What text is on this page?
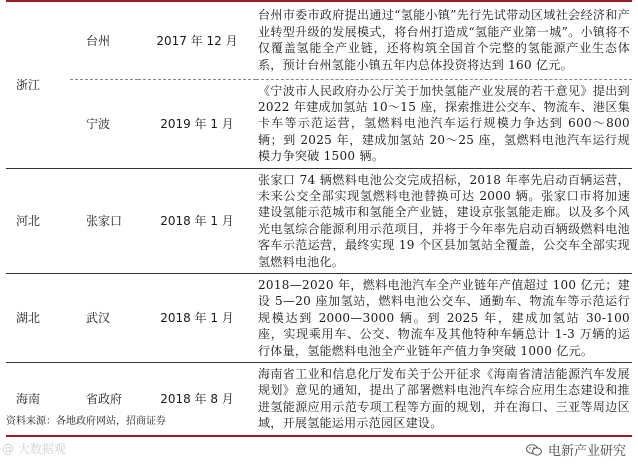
浙江	台州	2017 年 12 月	台州市委市政府提出通过“氢能小镇”先行先试带动区域社会经济和产业转型升级的发展模式，将台州打造成“氢能产业第一城”。小镇将不仅覆盖氢能全产业链，还将构筑全国首个完整的氢能源产业生态体系，预计台州氢能小镇五年内总体投资将达到 160 亿元。
	宁波	2019 年 1 月	《宁波市人民政府办公厅关于加快氢能产业发展的若干意见》提出到 2022 年建成加氢站 10～15 座，探索推进公交车、物流车、港区集卡车等示范运营，氢燃料电池汽车运行规模力争达到 600～800 辆；到 2025 年，建成加氢站 20～25 座，氢燃料电池汽车运行规模力争突破 1500 辆。
河北	张家口	2018 年 1 月	张家口 74 辆燃料电池公交完成招标，2018 年率先启动百辆运营，未来公交全部实现氢燃料电池替换可达 2000 辆。张家口市将加速建设氢能示范城市和氢能全产业链，建设京张氢能走廊。以及多个风光电氢综合能源利用示范项目，并将于今年率先启动百辆级燃料电池客车示范运营，最终实现 19 个区县加氢站全覆盖，公交车全部实现氢燃料电池化。
湖北	武汉	2018 年 1 月	2018—2020 年，燃料电池汽车全产业链年产值超过 100 亿元；建设 5—20 座加氢站，燃料电池公交车、通勤车、物流车等示范运行规模达到 2000—3000 辆。到 2025 年，建成加氢站 30-100 座，实现乘用车、公交、物流车及其他特种车辆总计 1-3 万辆的运行体量，氢能燃料电池全产业链年产值力争突破 1000 亿元。
海南	省政府	2018 年 8 月	海南省工业和信息化厅发布关于公开征求《海南省清洁能源汽车发展规划》意见的通知，提出了部署燃料电池汽车综合应用生态建设和推进氢能源应用示范专项工程等方面的规划，并在海口、三亚等周边区域，开展氢能运用示范园区建设。
资料来源：各地政府网站，招商证券
@ 大数据观	电新产业研究
